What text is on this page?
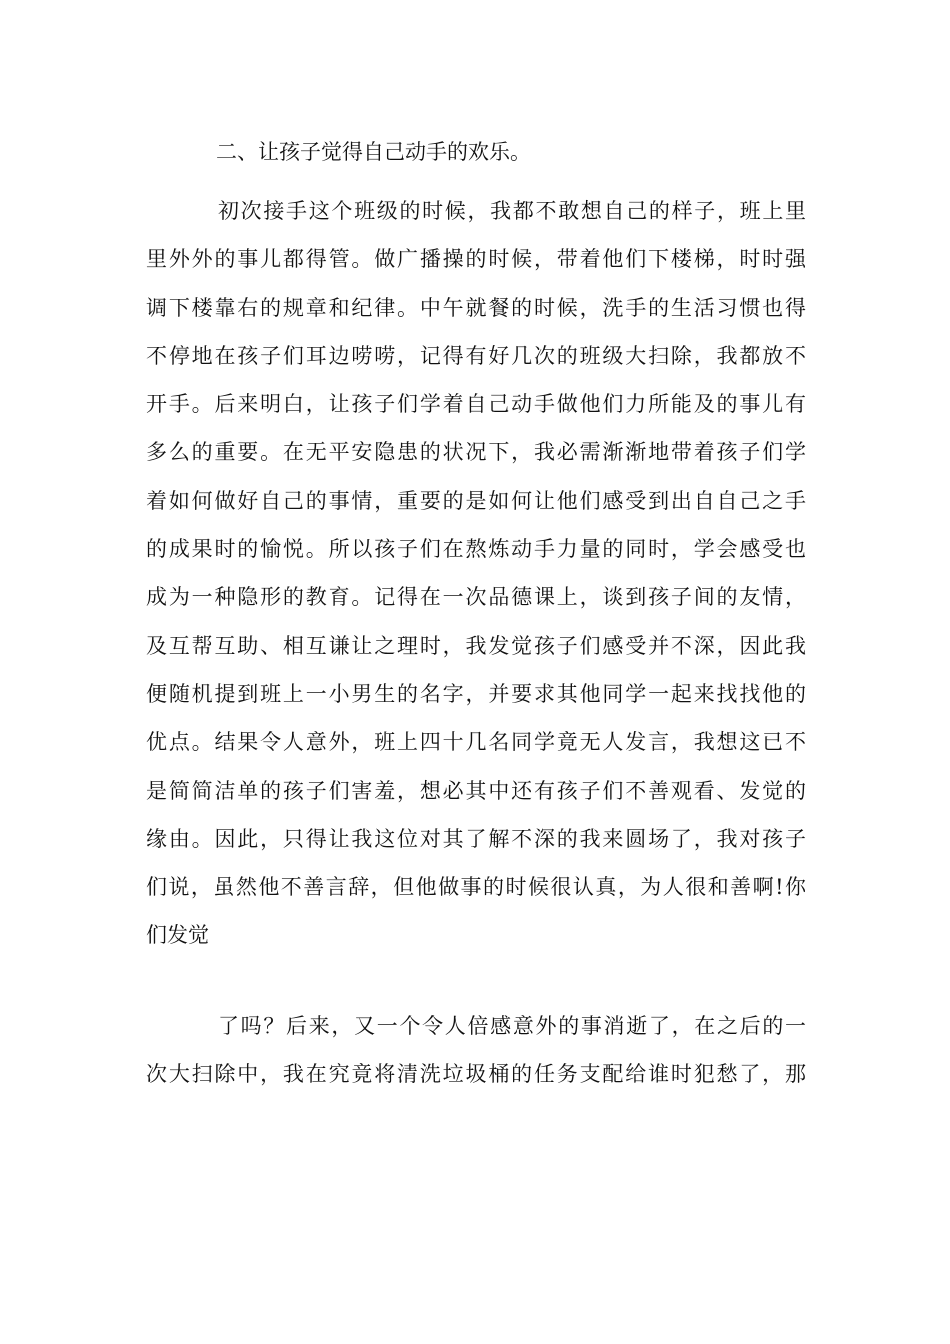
二、让孩子觉得自己动手的欢乐。
初次接手这个班级的时候，我都不敢想自己的样子，班上里
里外外的事儿都得管。做广播操的时候，带着他们下楼梯，时时强
调下楼靠右的规章和纪律。中午就餐的时候，洗手的生活习惯也得
不停地在孩子们耳边唠唠，记得有好几次的班级大扫除，我都放不
开手。后来明白，让孩子们学着自己动手做他们力所能及的事儿有
多么的重要。在无平安隐患的状况下，我必需渐渐地带着孩子们学
着如何做好自己的事情，重要的是如何让他们感受到出自自己之手
的成果时的愉悦。所以孩子们在熬炼动手力量的同时，学会感受也
成为一种隐形的教育。记得在一次品德课上，谈到孩子间的友情，
及互帮互助、相互谦让之理时，我发觉孩子们感受并不深，因此我
便随机提到班上一小男生的名字，并要求其他同学一起来找找他的
优点。结果令人意外，班上四十几名同学竟无人发言，我想这已不
是简简洁单的孩子们害羞，想必其中还有孩子们不善观看、发觉的
缘由。因此，只得让我这位对其了解不深的我来圆场了，我对孩子
们说，虽然他不善言辞，但他做事的时候很认真，为人很和善啊!你
们发觉
了吗？后来，又一个令人倍感意外的事消逝了，在之后的一
次大扫除中，我在究竟将清洗垃圾桶的任务支配给谁时犯愁了，那
